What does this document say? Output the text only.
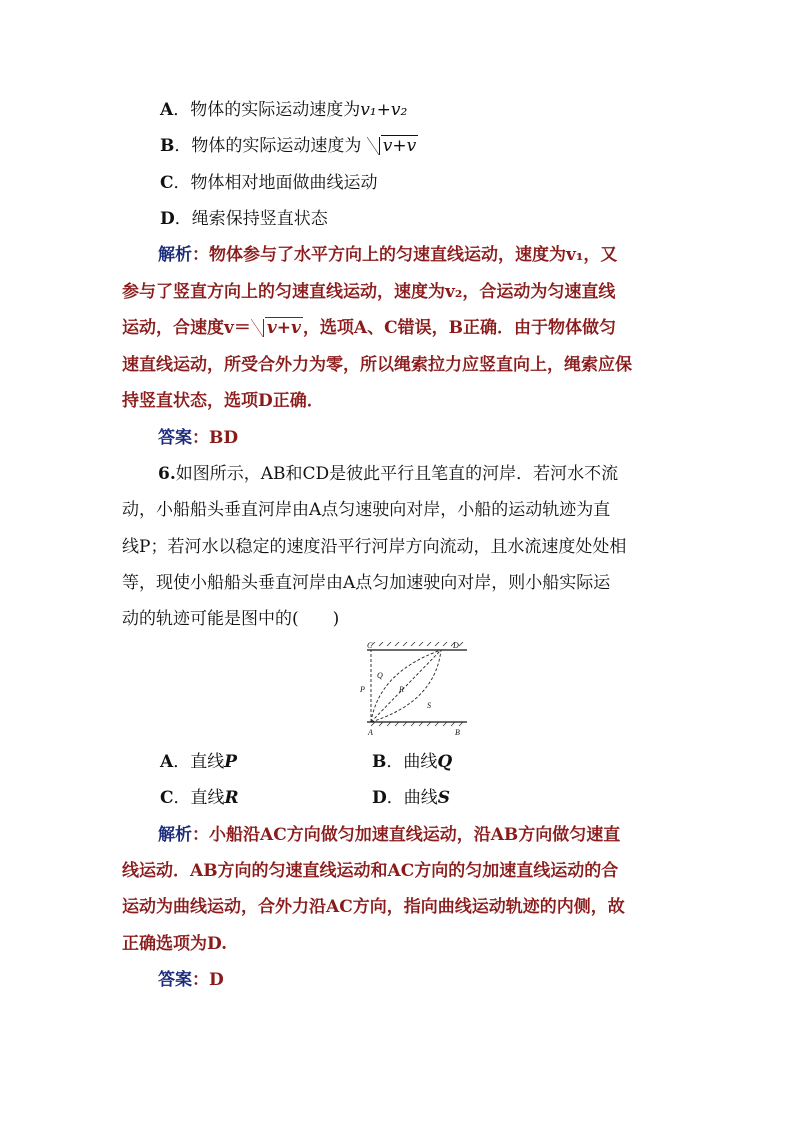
A．物体的实际运动速度为v₁+v₂
B．物体的实际运动速度为 v+v
C．物体相对地面做曲线运动
D．绳索保持竖直状态
解析：物体参与了水平方向上的匀速直线运动，速度为v₁，又
参与了竖直方向上的匀速直线运动，速度为v₂，合运动为匀速直线
运动，合速度v＝ v+v ，选项A、C错误，B正确．由于物体做匀
速直线运动，所受合外力为零，所以绳索拉力应竖直向上，绳索应保
持竖直状态，选项D正确．
答案：BD
6.如图所示，AB和CD是彼此平行且笔直的河岸．若河水不流
动，小船船头垂直河岸由A点匀速驶向对岸，小船的运动轨迹为直
线P；若河水以稳定的速度沿平行河岸方向流动，且水流速度处处相
等，现使小船船头垂直河岸由A点匀加速驶向对岸，则小船实际运
动的轨迹可能是图中的(　　)
C	D
A	B
P
Q
R
S
A．直线P	B．曲线Q
C．直线R	D．曲线S
解析：小船沿AC方向做匀加速直线运动，沿AB方向做匀速直
线运动．AB方向的匀速直线运动和AC方向的匀加速直线运动的合
运动为曲线运动，合外力沿AC方向，指向曲线运动轨迹的内侧，故
正确选项为D.
答案：D
